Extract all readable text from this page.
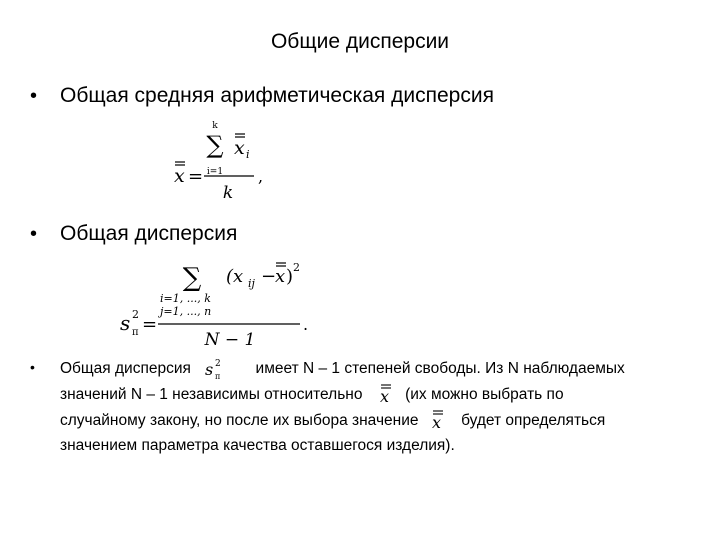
Общие дисперсии
•	Общая средняя арифметическая дисперсия
k
∑ x i
i=1
x =
k
,
•	Общая дисперсия
∑ (x ij −
x ) 2
i=1, ..., k
j=1, ..., n
s 2
п =
N − 1
.
•	Общая дисперсия s 2
п имеет N – 1 степеней свободы. Из N наблюдаемых
значений N – 1 независимы относительно x (их можно выбрать по
случайному закону, но после их выбора значение x будет определяться
значением параметра качества оставшегося изделия).
